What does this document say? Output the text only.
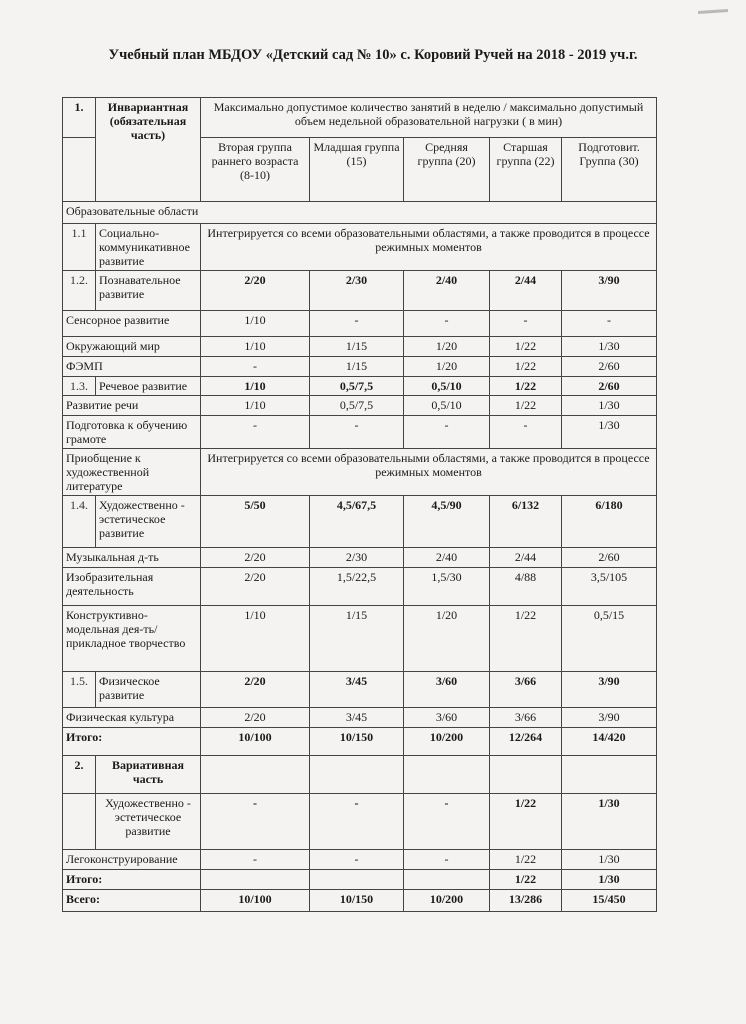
Учебный план МБДОУ «Детский сад № 10» с. Коровий Ручей на 2018 - 2019 уч.г.
1.	Инвариантная (обязательная часть)	Максимально допустимое количество занятий в неделю / максимально допустимый объем недельной образовательной нагрузки ( в мин)				
		Вторая группа раннего возраста (8-10)	Младшая группа (15)	Средняя группа (20)	Старшая группа (22)	Подготовит. Группа (30)
Образовательные области						
1.1	Социально-коммуникативное развитие	Интегрируется со всеми образовательными областями, а также проводится в процессе режимных моментов				
1.2.	Познавательное развитие	2/20	2/30	2/40	2/44	3/90
Сенсорное развитие		1/10	-	-	-	-
Окружающий мир		1/10	1/15	1/20	1/22	1/30
ФЭМП		-	1/15	1/20	1/22	2/60
1.3.	Речевое развитие	1/10	0,5/7,5	0,5/10	1/22	2/60
Развитие речи		1/10	0,5/7,5	0,5/10	1/22	1/30
Подготовка к обучению грамоте		-	-	-	-	1/30
Приобщение к художественной литературе		Интегрируется со всеми образовательными областями, а также проводится в процессе режимных моментов				
1.4.	Художественно - эстетическое развитие	5/50	4,5/67,5	4,5/90	6/132	6/180
Музыкальная д-ть		2/20	2/30	2/40	2/44	2/60
Изобразительная деятельность		2/20	1,5/22,5	1,5/30	4/88	3,5/105
Конструктивно-модельная дея-ть/прикладное творчество		1/10	1/15	1/20	1/22	0,5/15
1.5.	Физическое развитие	2/20	3/45	3/60	3/66	3/90
Физическая культура		2/20	3/45	3/60	3/66	3/90
Итого:		10/100	10/150	10/200	12/264	14/420
2.	Вариативная часть					
	Художественно - эстетическое развитие	-	-	-	1/22	1/30
Легоконструирование		-	-	-	1/22	1/30
Итого:					1/22	1/30
Всего:		10/100	10/150	10/200	13/286	15/450
